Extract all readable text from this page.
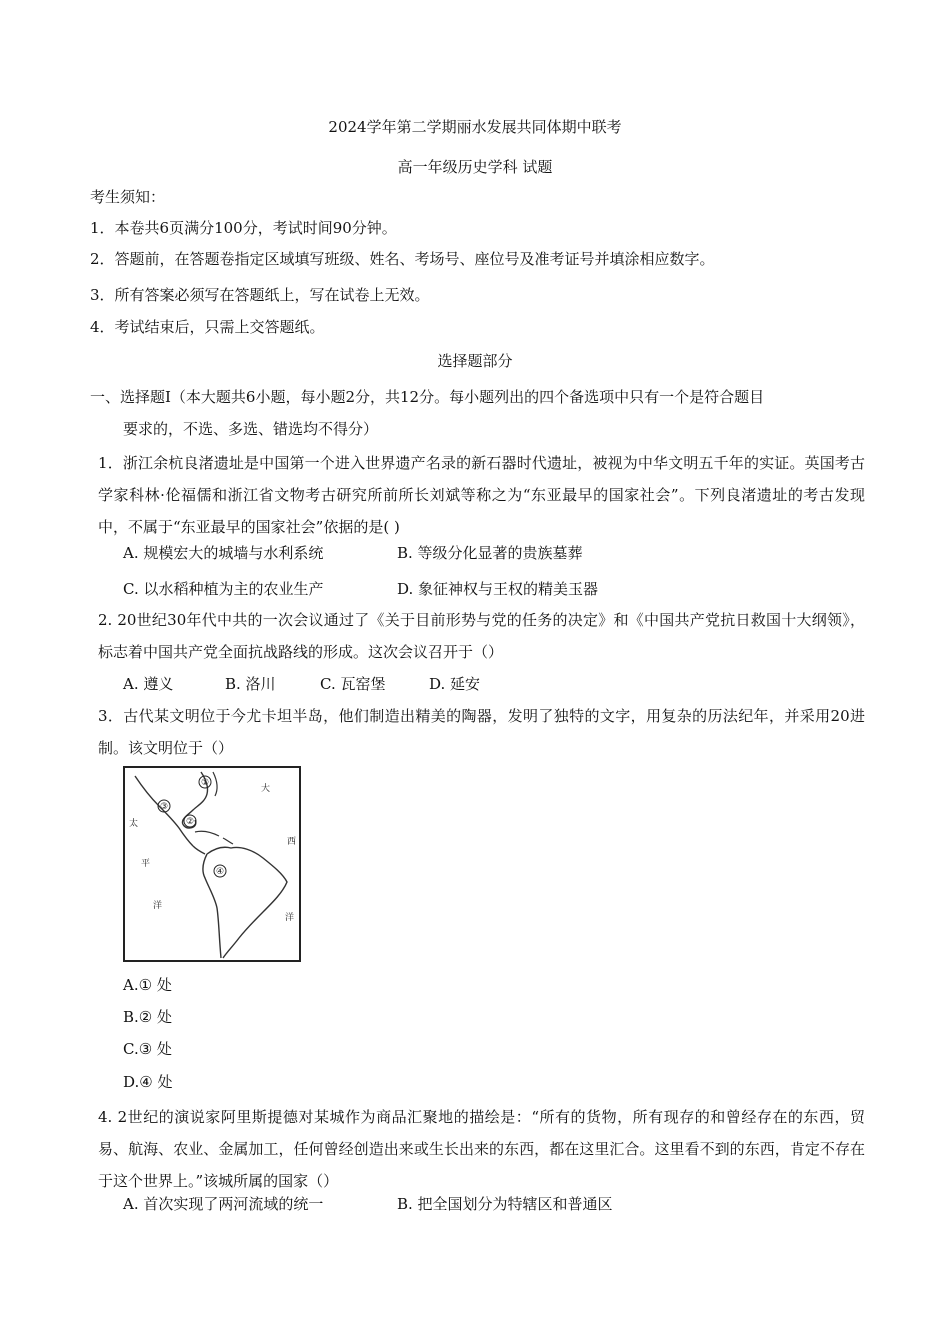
2024学年第二学期丽水发展共同体期中联考
高一年级历史学科 试题
考生须知：
1．本卷共6页满分100分，考试时间90分钟。
2．答题前，在答题卷指定区域填写班级、姓名、考场号、座位号及准考证号并填涂相应数字。
3．所有答案必须写在答题纸上，写在试卷上无效。
4．考试结束后，只需上交答题纸。
选择题部分
一、选择题Ⅰ（本大题共6小题，每小题2分，共12分。每小题列出的四个备选项中只有一个是符合题目
要求的，不选、多选、错选均不得分）
1．浙江余杭良渚遗址是中国第一个进入世界遗产名录的新石器时代遗址，被视为中华文明五千年的实证。英国考古学家科林·伦福儒和浙江省文物考古研究所前所长刘斌等称之为“东亚最早的国家社会”。下列良渚遗址的考古发现中，不属于“东亚最早的国家社会”依据的是( )
A. 规模宏大的城墙与水利系统	B. 等级分化显著的贵族墓葬
C. 以水稻种植为主的农业生产	D. 象征神权与王权的精美玉器
2. 20世纪30年代中共的一次会议通过了《关于目前形势与党的任务的决定》和《中国共产党抗日救国十大纲领》，标志着中国共产党全面抗战路线的形成。这次会议召开于（）
A. 遵义	B. 洛川	C. 瓦窑堡	D. 延安
3．古代某文明位于今尤卡坦半岛，他们制造出精美的陶器，发明了独特的文字，用复杂的历法纪年，并采用20进制。该文明位于（）
①
③
②
④
大
西
洋
太
平
洋
A.① 处
B.② 处
C.③ 处
D.④ 处
4. 2世纪的演说家阿里斯提德对某城作为商品汇聚地的描绘是：“所有的货物，所有现存的和曾经存在的东西，贸易、航海、农业、金属加工，任何曾经创造出来或生长出来的东西，都在这里汇合。这里看不到的东西，肯定不存在于这个世界上。”该城所属的国家（）
A. 首次实现了两河流域的统一	B. 把全国划分为特辖区和普通区
